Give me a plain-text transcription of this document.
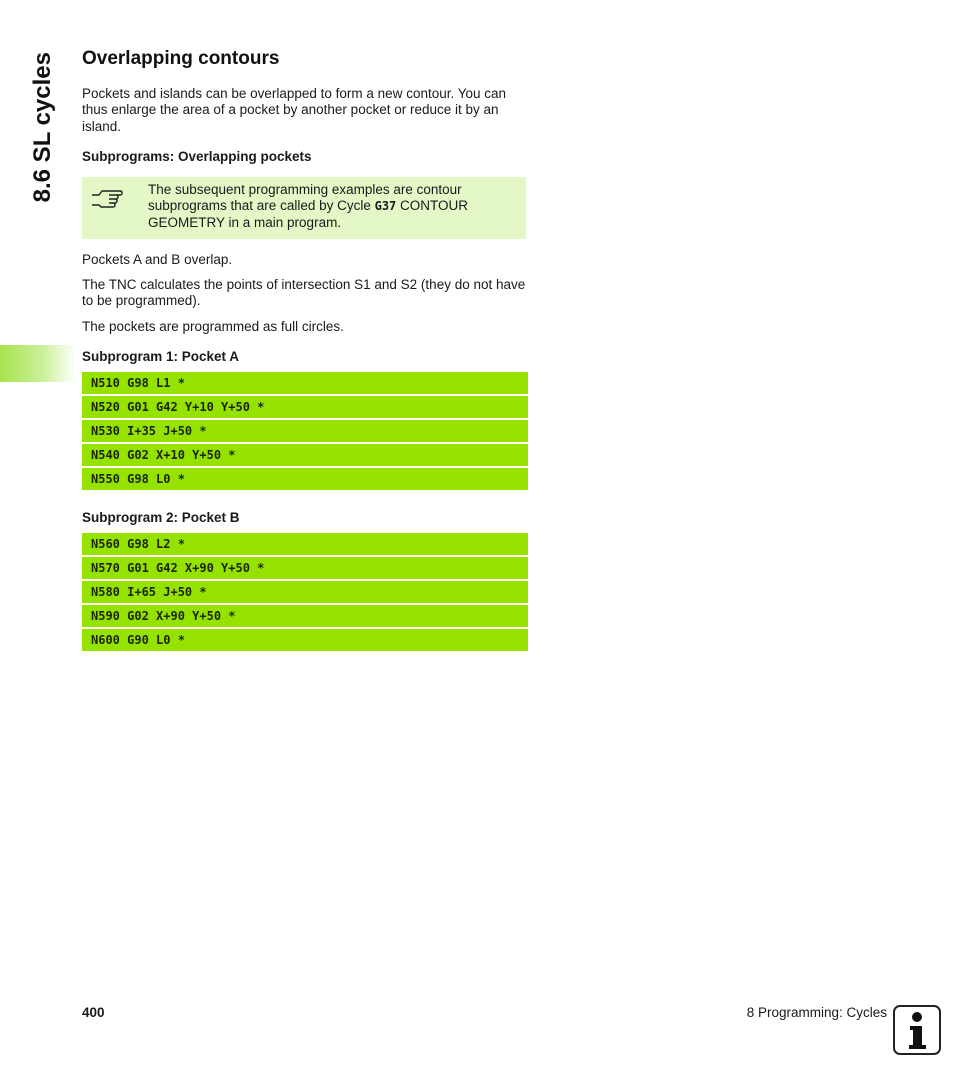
8.6 SL cycles Overlapping contours

Pockets and islands can be overlapped to form a new contour. You can thus enlarge the area of a pocket by another pocket or reduce it by an island.

Subprograms: Overlapping pockets

The subsequent programming examples are contour subprograms that are called by Cycle G37 CONTOUR GEOMETRY in a main program.

Pockets A and B overlap.

The TNC calculates the points of intersection S1 and S2 (they do not have to be programmed).

The pockets are programmed as full circles.

Subprogram 1: Pocket A

N510 G98 L1 *
N520 G01 G42 Y+10 Y+50 *
N530 I+35 J+50 *
N540 G02 X+10 Y+50 *
N550 G98 L0 *

Subprogram 2: Pocket B

N560 G98 L2 *
N570 G01 G42 X+90 Y+50 *
N580 I+65 J+50 *
N590 G02 X+90 Y+50 *
N600 G90 L0 *
400	8 Programming: Cycles
